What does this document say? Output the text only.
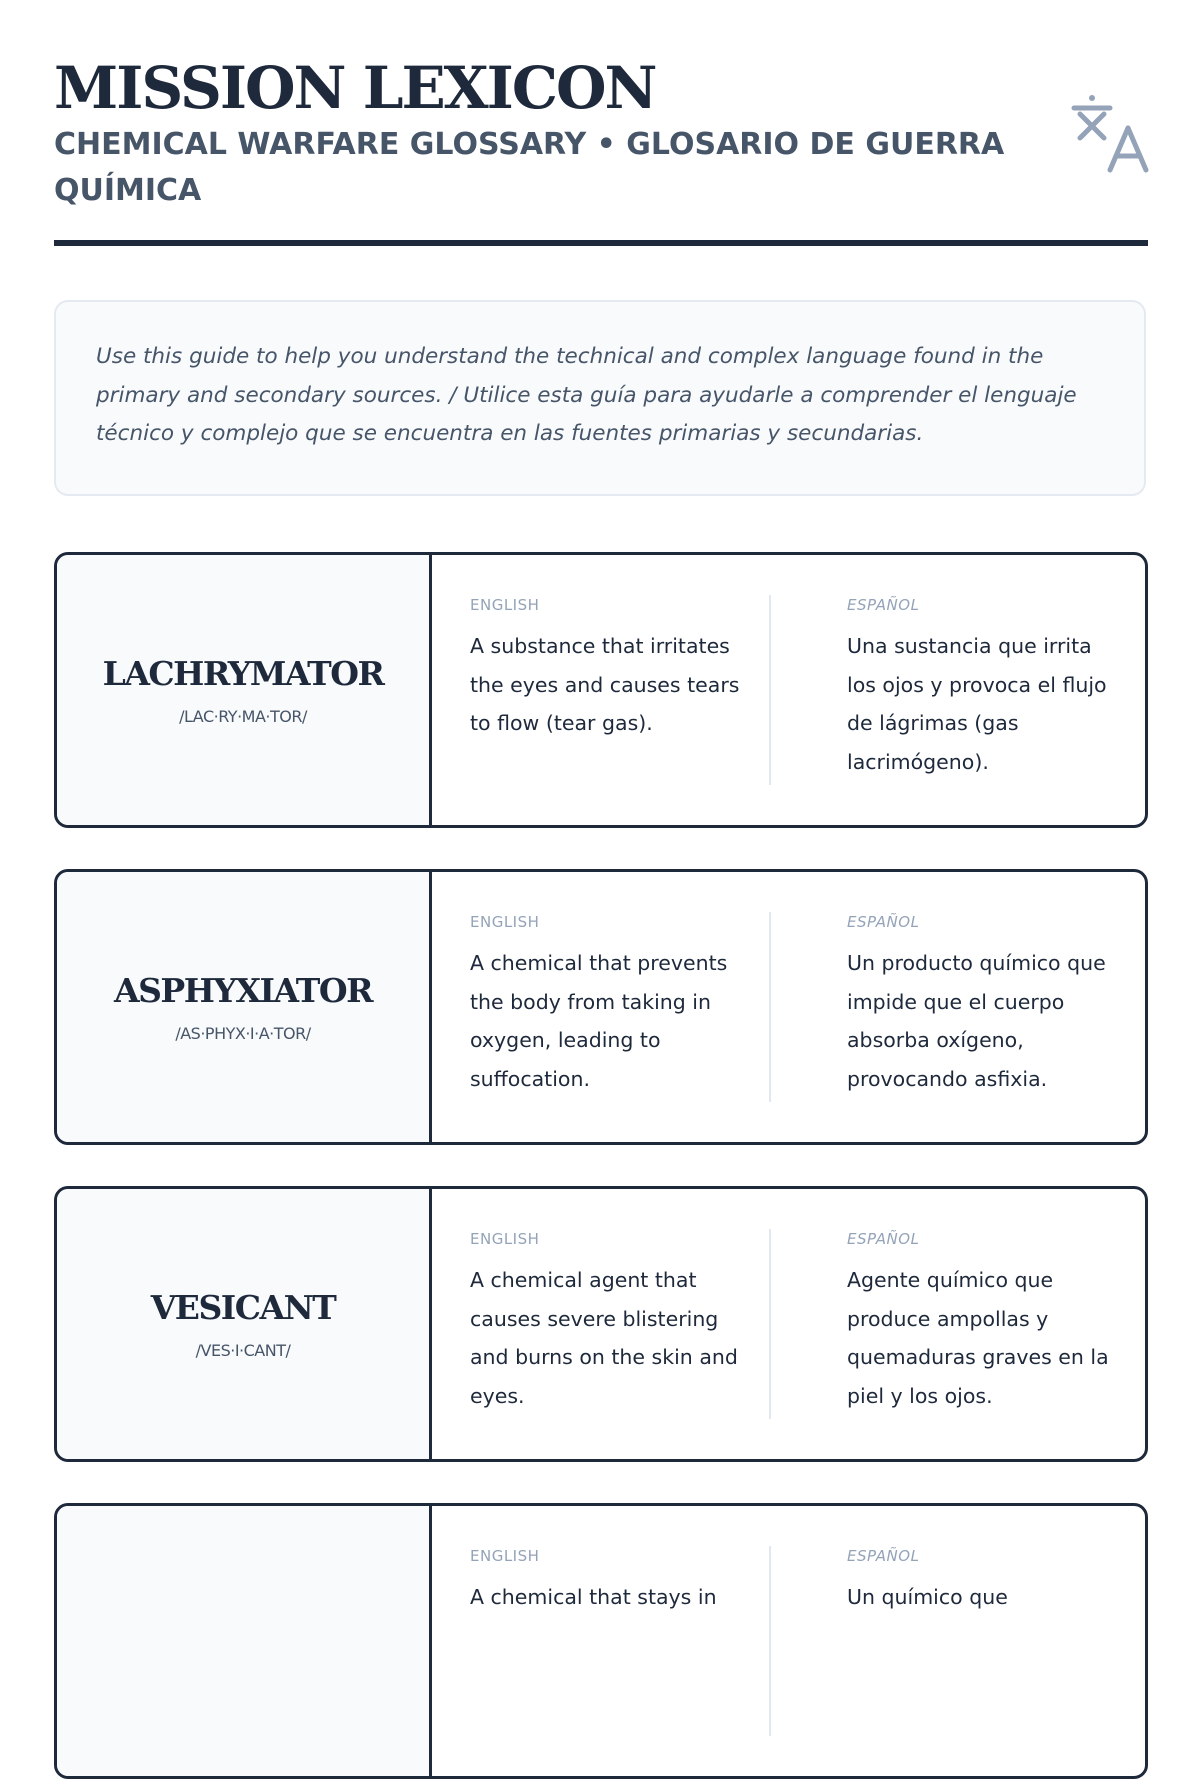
MISSION LEXICON
CHEMICAL WARFARE GLOSSARY • GLOSARIO DE GUERRA QUÍMICA

Use this guide to help you understand the technical and complex language found in the primary and secondary sources. / Utilice esta guía para ayudarle a comprender el lenguaje técnico y complejo que se encuentra en las fuentes primarias y secundarias.

LACHRYMATOR
/LAC·RY·MA·TOR/
ENGLISH

A substance that irritates the eyes and causes tears to flow (tear gas).

ESPAÑOL

Una sustancia que irrita los ojos y provoca el flujo de lágrimas (gas lacrimógeno).

ASPHYXIATOR
/AS·PHYX·I·A·TOR/
ENGLISH

A chemical that prevents the body from taking in oxygen, leading to suffocation.

ESPAÑOL

Un producto químico que impide que el cuerpo absorba oxígeno, provocando asfixia.

VESICANT
/VES·I·CANT/
ENGLISH

A chemical agent that causes severe blistering and burns on the skin and eyes.

ESPAÑOL

Agente químico que produce ampollas y quemaduras graves en la piel y los ojos.

ENGLISH

A chemical that stays in

ESPAÑOL

Un químico que
